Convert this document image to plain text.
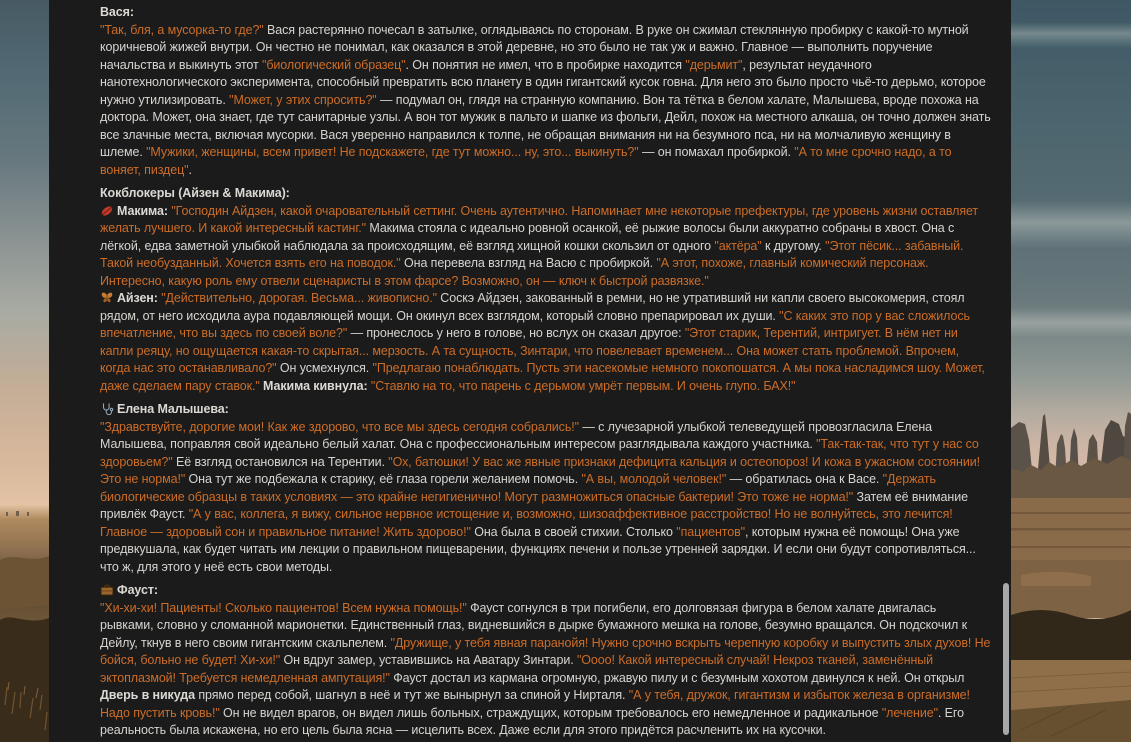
Вася:
"Так, бля, а мусорка-то где?" Вася растерянно почесал в затылке, оглядываясь по сторонам. В руке он сжимал стеклянную пробирку с какой-то мутной коричневой жижей внутри. Он честно не понимал, как оказался в этой деревне, но это было не так уж и важно. Главное — выполнить поручение начальства и выкинуть этот "биологический образец". Он понятия не имел, что в пробирке находится "дерьмит", результат неудачного нанотехнологического эксперимента, способный превратить всю планету в один гигантский кусок говна. Для него это было просто чьё-то дерьмо, которое нужно утилизировать. "Может, у этих спросить?" — подумал он, глядя на странную компанию. Вон та тётка в белом халате, Малышева, вроде похожа на доктора. Может, она знает, где тут санитарные узлы. А вон тот мужик в пальто и шапке из фольги, Дейл, похож на местного алкаша, он точно должен знать все злачные места, включая мусорки. Вася уверенно направился к толпе, не обращая внимания ни на безумного пса, ни на молчаливую женщину в шлеме. "Мужики, женщины, всем привет! Не подскажете, где тут можно... ну, это... выкинуть?" — он помахал пробиркой. "А то мне срочно надо, а то воняет, пиздец".
Кокблокеры (Айзен & Макима):
Макима: "Господин Айдзен, какой очаровательный сеттинг. Очень аутентично. Напоминает мне некоторые префектуры, где уровень жизни оставляет желать лучшего. И какой интересный кастинг." Макима стояла с идеально ровной осанкой, её рыжие волосы были аккуратно собраны в хвост. Она с лёгкой, едва заметной улыбкой наблюдала за происходящим, её взгляд хищной кошки скользил от одного "актёра" к другому. "Этот пёсик... забавный. Такой необузданный. Хочется взять его на поводок." Она перевела взгляд на Васю с пробиркой. "А этот, похоже, главный комический персонаж. Интересно, какую роль ему отвели сценаристы в этом фарсе? Возможно, он — ключ к быстрой развязке."
Айзен: "Действительно, дорогая. Весьма... живописно." Соскэ Айдзен, закованный в ремни, но не утративший ни капли своего высокомерия, стоял рядом, от него исходила аура подавляющей мощи. Он окинул всех взглядом, который словно препарировал их души. "С каких это пор у вас сложилось впечатление, что вы здесь по своей воле?" — пронеслось у него в голове, но вслух он сказал другое: "Этот старик, Терентий, интригует. В нём нет ни капли реяцу, но ощущается какая-то скрытая... мерзость. А та сущность, Зинтари, что повелевает временем... Она может стать проблемой. Впрочем, когда нас это останавливало?" Он усмехнулся. "Предлагаю понаблюдать. Пусть эти насекомые немного покопошатся. А мы пока насладимся шоу. Может, даже сделаем пару ставок." Макима кивнула: "Ставлю на то, что парень с дерьмом умрёт первым. И очень глупо. БАХ!"
Елена Малышева:
"Здравствуйте, дорогие мои! Как же здорово, что все мы здесь сегодня собрались!" — с лучезарной улыбкой телеведущей провозгласила Елена Малышева, поправляя свой идеально белый халат. Она с профессиональным интересом разглядывала каждого участника. "Так-так-так, что тут у нас со здоровьем?" Её взгляд остановился на Терентии. "Ох, батюшки! У вас же явные признаки дефицита кальция и остеопороз! И кожа в ужасном состоянии! Это не норма!" Она тут же подбежала к старику, её глаза горели желанием помочь. "А вы, молодой человек!" — обратилась она к Васе. "Держать биологические образцы в таких условиях — это крайне негигиенично! Могут размножиться опасные бактерии! Это тоже не норма!" Затем её внимание привлёк Фауст. "А у вас, коллега, я вижу, сильное нервное истощение и, возможно, шизоаффективное расстройство! Но не волнуйтесь, это лечится! Главное — здоровый сон и правильное питание! Жить здорово!" Она была в своей стихии. Столько "пациентов", которым нужна её помощь! Она уже предвкушала, как будет читать им лекции о правильном пищеварении, функциях печени и пользе утренней зарядки. И если они будут сопротивляться... что ж, для этого у неё есть свои методы.
Фауст:
"Хи-хи-хи! Пациенты! Сколько пациентов! Всем нужна помощь!" Фауст согнулся в три погибели, его долговязая фигура в белом халате двигалась рывками, словно у сломанной марионетки. Единственный глаз, видневшийся в дырке бумажного мешка на голове, безумно вращался. Он подскочил к Дейлу, ткнув в него своим гигантским скальпелем. "Дружище, у тебя явная паранойя! Нужно срочно вскрыть черепную коробку и выпустить злых духов! Не бойся, больно не будет! Хи-хи!" Он вдруг замер, уставившись на Аватару Зинтари. "Оооо! Какой интересный случай! Некроз тканей, заменённый эктоплазмой! Требуется немедленная ампутация!" Фауст достал из кармана огромную, ржавую пилу и с безумным хохотом двинулся к ней. Он открыл Дверь в никуда прямо перед собой, шагнул в неё и тут же вынырнул за спиной у Нирталя. "А у тебя, дружок, гигантизм и избыток железа в организме! Надо пустить кровь!" Он не видел врагов, он видел лишь больных, страждущих, которым требовалось его немедленное и радикальное "лечение". Его реальность была искажена, но его цель была ясна — исцелить всех. Даже если для этого придётся расчленить их на кусочки.
